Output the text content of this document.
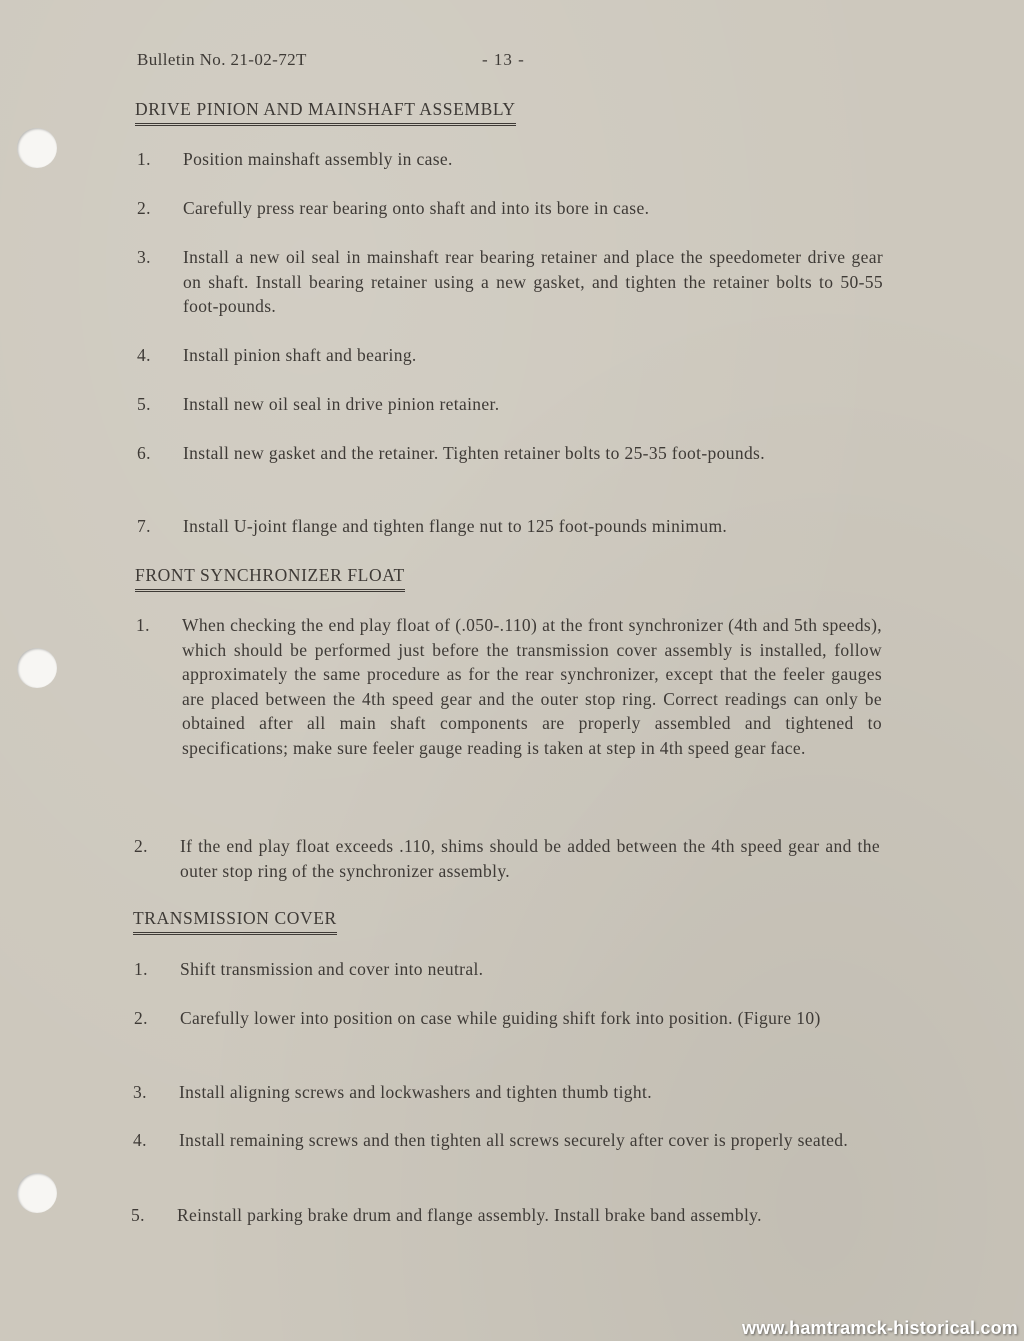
Bulletin No. 21-02-72T	- 13 -
DRIVE PINION AND MAINSHAFT ASSEMBLY
1. Position mainshaft assembly in case.
2. Carefully press rear bearing onto shaft and into its bore in case.
3. Install a new oil seal in mainshaft rear bearing retainer and place the speedometer drive gear on shaft. Install bearing retainer using a new gasket, and tighten the retainer bolts to 50-55 foot-pounds.
4. Install pinion shaft and bearing.
5. Install new oil seal in drive pinion retainer.
6. Install new gasket and the retainer. Tighten retainer bolts to 25-35 foot-pounds.
7. Install U-joint flange and tighten flange nut to 125 foot-pounds minimum.
FRONT SYNCHRONIZER FLOAT
1. When checking the end play float of (.050-.110) at the front synchronizer (4th and 5th speeds), which should be performed just before the transmission cover assembly is installed, follow approximately the same procedure as for the rear synchronizer, except that the feeler gauges are placed between the 4th speed gear and the outer stop ring. Correct readings can only be obtained after all main shaft components are properly assembled and tightened to specifications; make sure feeler gauge reading is taken at step in 4th speed gear face.
2. If the end play float exceeds .110, shims should be added between the 4th speed gear and the outer stop ring of the synchronizer assembly.
TRANSMISSION COVER
1. Shift transmission and cover into neutral.
2. Carefully lower into position on case while guiding shift fork into position. (Figure 10)
3. Install aligning screws and lockwashers and tighten thumb tight.
4. Install remaining screws and then tighten all screws securely after cover is properly seated.
5. Reinstall parking brake drum and flange assembly. Install brake band assembly.
www.hamtramck-historical.com
